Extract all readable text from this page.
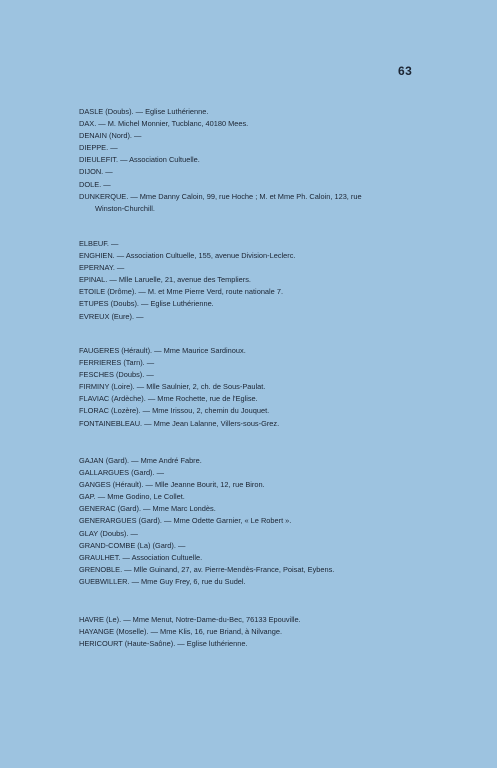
63
DASLE (Doubs). — Eglise Luthérienne.
DAX. — M. Michel Monnier, Tucblanc, 40180 Mees.
DENAIN (Nord). —
DIEPPE. —
DIEULEFIT. — Association Cultuelle.
DIJON. —
DOLE. —
DUNKERQUE. — Mme Danny Caloin, 99, rue Hoche ; M. et Mme Ph. Caloin, 123, rue
Winston-Churchill.
ELBEUF. —
ENGHIEN. — Association Cultuelle, 155, avenue Division-Leclerc.
EPERNAY. —
EPINAL. — Mlle Laruelle, 21, avenue des Templiers.
ETOILE (Drôme). — M. et Mme Pierre Verd, route nationale 7.
ETUPES (Doubs). — Eglise Luthérienne.
EVREUX (Eure). —
FAUGERES (Hérault). — Mme Maurice Sardinoux.
FERRIERES (Tarn). —
FESCHES (Doubs). —
FIRMINY (Loire). — Mlle Saulnier, 2, ch. de Sous-Paulat.
FLAVIAC (Ardèche). — Mme Rochette, rue de l'Eglise.
FLORAC (Lozère). — Mme Irissou, 2, chemin du Jouquet.
FONTAINEBLEAU. — Mme Jean Lalanne, Villers-sous-Grez.
GAJAN (Gard). — Mme André Fabre.
GALLARGUES (Gard). —
GANGES (Hérault). — Mlle Jeanne Bourit, 12, rue Biron.
GAP. — Mme Godino, Le Collet.
GENERAC (Gard). — Mme Marc Londès.
GENERARGUES (Gard). — Mme Odette Garnier, « Le Robert ».
GLAY (Doubs). —
GRAND-COMBE (La) (Gard). —
GRAULHET. — Association Cultuelle.
GRENOBLE. — Mlle Guinand, 27, av. Pierre-Mendès-France, Poisat, Eybens.
GUEBWILLER. — Mme Guy Frey, 6, rue du Sudel.
HAVRE (Le). — Mme Menut, Notre-Dame-du-Bec, 76133 Epouville.
HAYANGE (Moselle). — Mme Klis, 16, rue Briand, à Nilvange.
HERICOURT (Haute-Saône). — Eglise luthérienne.
